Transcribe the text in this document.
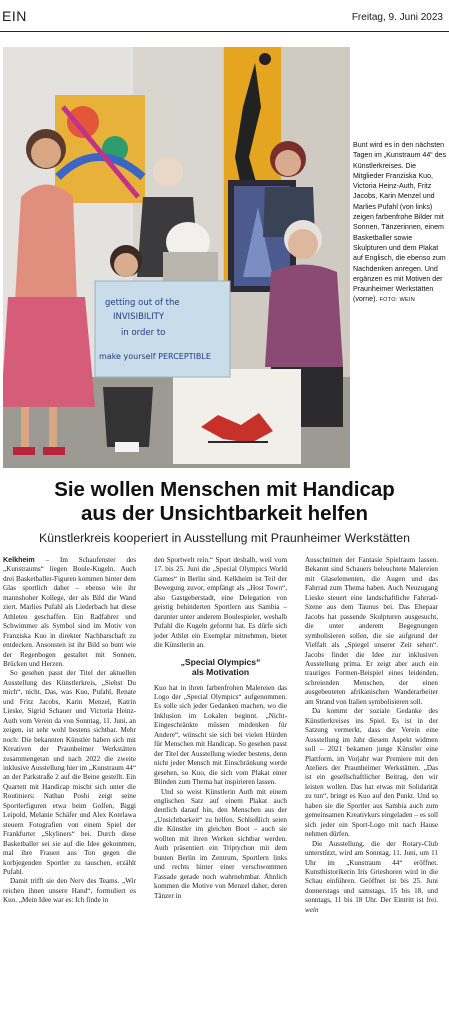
EIN	Freitag, 9. Juni 2023
getting out of the
INVISIBILITY
in order to
make yourself PERCEPTIBLE
Bunt wird es in den nächsten Tagen im „Kunstraum 44“ des Künstlerkreises. Die Mitglieder Franziska Kuo, Victoria Heinz-Auth, Fritz Jacobs, Karin Menzel und Marlies Pufahl (von links) zeigen farbenfrohe Bilder mit Sonnen, Tänzerinnen, einem Basketballer sowie Skulpturen und dem Plakat auf Englisch, die ebenso zum Nachdenken anregen. Und ergänzen es mit Motiven der Praunheimer Werkstätten (vorne). FOTO: WEIN
Sie wollen Menschen mit Handicap
aus der Unsichtbarkeit helfen
Künstlerkreis kooperiert in Ausstellung mit Praunheimer Werkstätten

Kelkheim – Im Schaufenster des „Kunstraums“ liegen Boule-Kugeln. Auch drei Basketballer-Figuren kommen hinter dem Glas sportlich daher – ebenso wie ihr mannshoher Kollege, der als Bild die Wand ziert. Marlies Pufahl als Liederbach hat diese Athleten geschaffen. Ein Radfahrer und Schwimmer als Symbol sind im Motiv von Franziska Kuo in direkter Nachbarschaft zu entdecken. Ansonsten ist ihr Bild so bunt wie der Regenbogen gestaltet mit Sonnen, Brücken und Herzen.

So gesehen passt der Titel der aktuellen Ausstellung des Künstlerkreis, „Siehst Du mich“, nicht. Das, was Kuo, Pufahl, Renate und Fritz Jacobs, Karin Menzel, Katrin Lieske, Sigrid Schauer und Victoria Heinz-Auth vom Verein da von Sonntag, 11. Juni, an zeigen, ist sehr wohl bestens sichtbar. Mehr noch: Die bekannten Künstler haben sich mit Kreativen der Praunheimer Werkstätten zusammengetan und nach 2022 die zweite inklusive Ausstellung hier im „Kunstraum 44“ an der Parkstraße 2 auf die Beine gestellt. Ein Quartett mit Handicap mischt sich unter die Routiniers: Nathan Poshi zeigt seine Sportlerfiguren etwa beim Golfen, Biggi Leipold, Melanie Schäfer und Alex Kotelawa steuern Fotografien von einem Spiel der Frankfurter „Skyliners“ bei. Durch diese Basketballer sei sie auf die Idee gekommen, mal ihre Frauen aus Ton gegen die korbjegenden Sportler zu tauschen, erzählt Pufahl.

Damit trifft sie den Nerv des Teams. „Wir reichen ihnen unsere Hand“, formuliert es Kuo. „Mein Idee war es: Ich finde in

den Sportwelt rein.“ Sport deshalb, weil vom 17. bis 25. Juni die „Special Olympics World Games“ in Berlin sind. Kelkheim ist Teil der Bewegung zuvor, empfängt als „Host Town“, also Gastgeberstadt, eine Delegation von geistig behinderten Sportlern aus Sambia – darunter unter anderem Boulespieler, weshalb Pufahl die Kugeln geformt hat. Es dürfe sich jeder Athlet ein Exemplar mitnehmen, bietet die Künstlerin an.

„Special Olympics“
als Motivation

Kuo hat in ihren farbenfrohen Malereien das Logo der „Special Olympics“ aufgenommen. Es solle sich jeder Gedanken machen, wo die Inklusion im Lokalen beginnt. „Nicht-Eingeschränkte müssen mitdenken für Andere“, wünscht sie sich bei vielen Hürden für Menschen mit Handicap. So gesehen passt der Titel der Ausstellung wieder bestens, denn nicht jeder Mensch mit Einschränkung werde gesehen, so Kuo, die sich vom Plakat einer Blinden zum Thema hat inspirieren lassen.

Und so weist Künstlerin Auth mit einem englischen Satz auf einem Plakat auch deutlich darauf hin, den Menschen aus der „Unsichtbarkeit“ zu helfen. Schließlich seien die Künstler im gleichen Boot – auch sie wollten mit ihren Werken sichtbar werden. Auth präsentiert ein Triptychon mit dem bunten Berlin im Zentrum, Sportlern links und rechts hinter einer verschwommen Fassade gerade noch wahrnehmbar. Ähnlich kommen die Motive von Menzel daher, deren Tänzer in

Ausschnitten der Fantasie Spielraum lassen. Bekannt sind Schauers beleuchtete Malereien mit Glaselementen, die Augen und das Fahrrad zum Thema haben. Auch Neuzugang Lieske steuert eine landschaftliche Fahrrad-Szene aus dem Taunus bei. Das Ehepaar Jacobs hat passende Skulpturen ausgesucht, die unter anderem Begegnungen symbolisieren sollen, die sie aufgrund der Vielfalt als „Spiegel unserer Zeit sehen“. Jacobs findet die Idee zur inklusiven Ausstellung prima. Er zeigt aber auch ein trauriges Formen-Beispiel eines leidenden, schreienden Menschen, der einen ausgebeuteten afrikanischen Wanderarbeiter am Strand von Italien symbolisieren soll.

Da kommt der soziale Gedanke des Künstlerkreises ins Spiel. Es ist in der Satzung vermerkt, dass der Verein eine Ausstellung im Jahr diesem Aspekt widmen soll – 2021 bekamen junge Künstler eine Plattform, im Vorjahr war Premiere mit den Ateliers der Praunheimer Werkstätten. „Das ist ein gesellschaftlicher Beitrag, den wir leisten wollen. Das hat etwas mit Solidarität zu tun“, bringt es Kuo auf den Punkt. Und so haben sie die Sportler aus Sambia auch zum gemeinsamen Kreativkurs eingeladen – es soll sich jeder ein Sport-Logo mit nach Hause nehmen dürfen.

Die Ausstellung, die der Rotary-Club unterstützt, wird am Sonntag, 11. Juni, um 11 Uhr im „Kunstraum 44“ eröffnet. Kunsthistorikerin Iris Grieshoren wird in die Schau einführen. Geöffnet ist bis 25. Juni donnerstags und samstags, 15 bis 18, und sonntags, 11 bis 18 Uhr. Der Eintritt ist frei. wein
